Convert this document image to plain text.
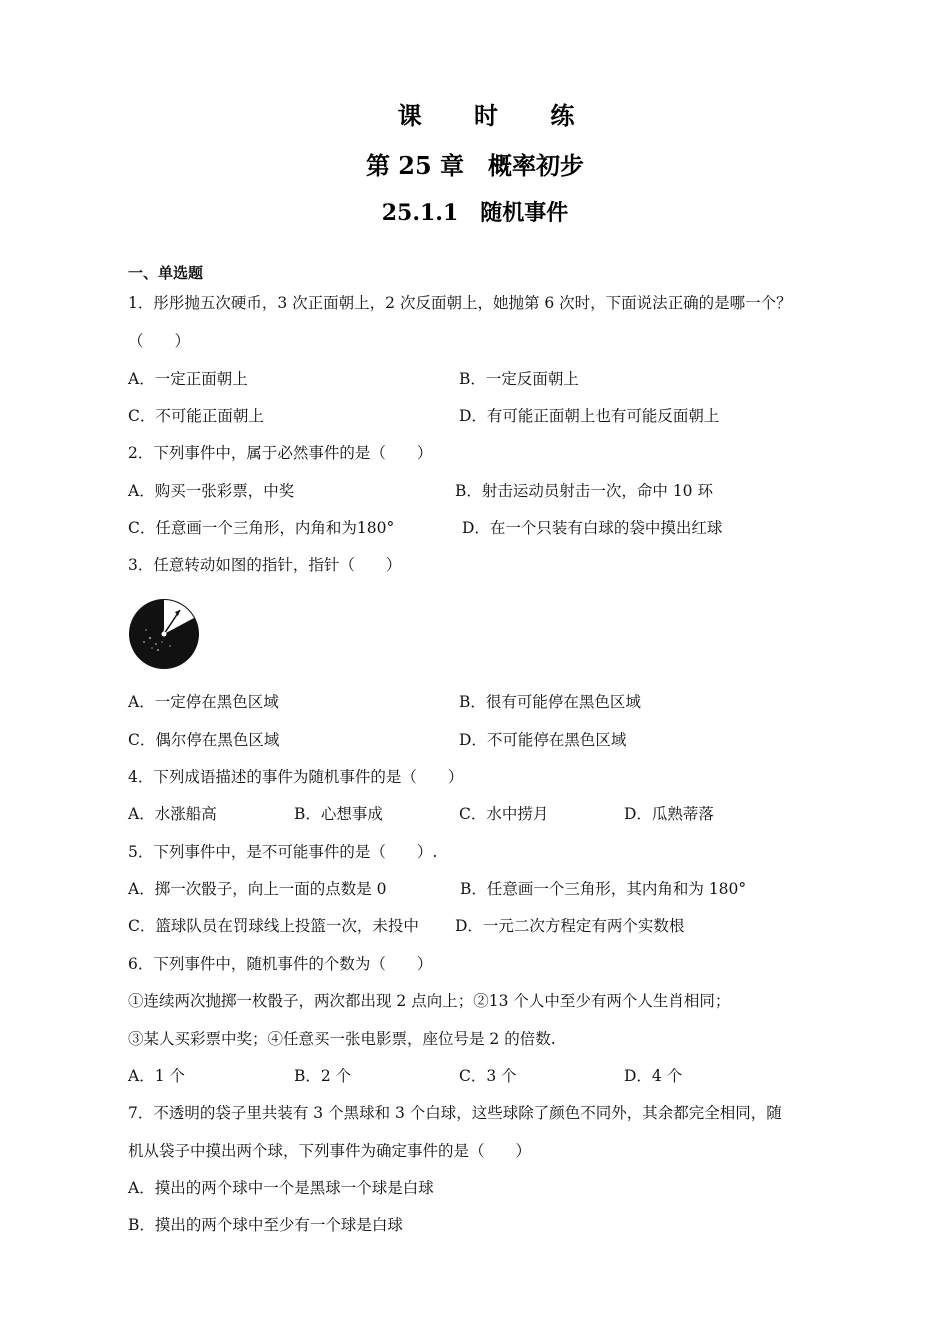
课 时 练
第 25 章　概率初步
25.1.1　随机事件
一、单选题
1．彤彤抛五次硬币，3 次正面朝上，2 次反面朝上，她抛第 6 次时，下面说法正确的是哪一个？
（　　）
A．一定正面朝上	B．一定反面朝上
C．不可能正面朝上	D．有可能正面朝上也有可能反面朝上
2．下列事件中，属于必然事件的是（　　）
A．购买一张彩票，中奖	B．射击运动员射击一次，命中 10 环
C．任意画一个三角形，内角和为180°	D．在一个只装有白球的袋中摸出红球
3．任意转动如图的指针，指针（　　）
A．一定停在黑色区域	B．很有可能停在黑色区域
C．偶尔停在黑色区域	D．不可能停在黑色区域
4．下列成语描述的事件为随机事件的是（　　）
A．水涨船高	B．心想事成	C．水中捞月	D．瓜熟蒂落
5．下列事件中，是不可能事件的是（　　）.
A．掷一次骰子，向上一面的点数是 0	B．任意画一个三角形，其内角和为 180°
C．篮球队员在罚球线上投篮一次，未投中 D．一元二次方程定有两个实数根
6．下列事件中，随机事件的个数为（　　）
①连续两次抛掷一枚骰子，两次都出现 2 点向上；②13 个人中至少有两个人生肖相同；
③某人买彩票中奖；④任意买一张电影票，座位号是 2 的倍数.
A．1 个	B．2 个	C．3 个	D．4 个
7．不透明的袋子里共装有 3 个黑球和 3 个白球，这些球除了颜色不同外，其余都完全相同，随
机从袋子中摸出两个球，下列事件为确定事件的是（　　）
A．摸出的两个球中一个是黑球一个球是白球
B．摸出的两个球中至少有一个球是白球
